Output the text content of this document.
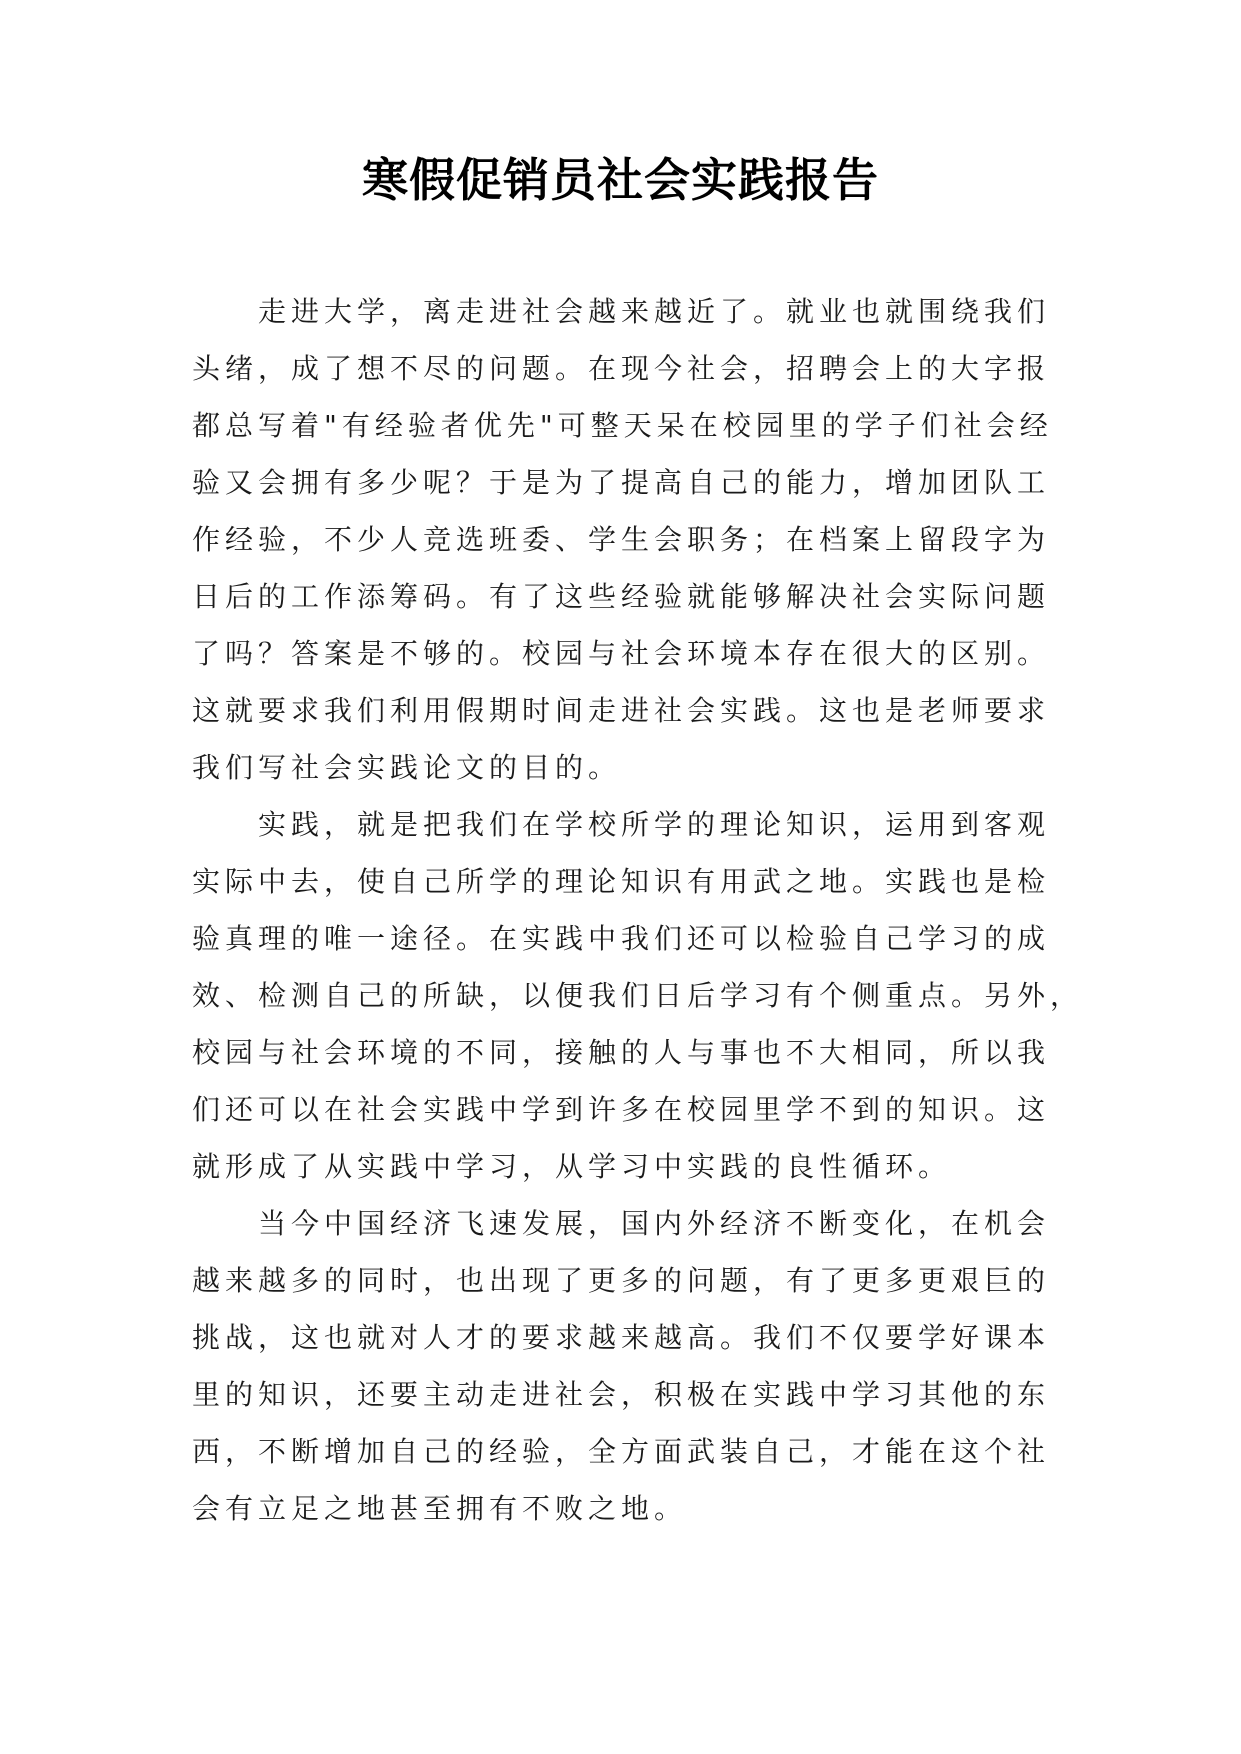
寒假促销员社会实践报告

走进大学，离走进社会越来越近了。就业也就围绕我们
头绪，成了想不尽的问题。在现今社会，招聘会上的大字报
都总写着"有经验者优先"可整天呆在校园里的学子们社会经
验又会拥有多少呢？于是为了提高自己的能力，增加团队工
作经验，不少人竞选班委、学生会职务；在档案上留段字为
日后的工作添筹码。有了这些经验就能够解决社会实际问题
了吗？答案是不够的。校园与社会环境本存在很大的区别。
这就要求我们利用假期时间走进社会实践。这也是老师要求
我们写社会实践论文的目的。

实践，就是把我们在学校所学的理论知识，运用到客观
实际中去，使自己所学的理论知识有用武之地。实践也是检
验真理的唯一途径。在实践中我们还可以检验自己学习的成
效、检测自己的所缺，以便我们日后学习有个侧重点。另外，
校园与社会环境的不同，接触的人与事也不大相同，所以我
们还可以在社会实践中学到许多在校园里学不到的知识。这
就形成了从实践中学习，从学习中实践的良性循环。

当今中国经济飞速发展，国内外经济不断变化，在机会
越来越多的同时，也出现了更多的问题，有了更多更艰巨的
挑战，这也就对人才的要求越来越高。我们不仅要学好课本
里的知识，还要主动走进社会，积极在实践中学习其他的东
西，不断增加自己的经验，全方面武装自己，才能在这个社
会有立足之地甚至拥有不败之地。
